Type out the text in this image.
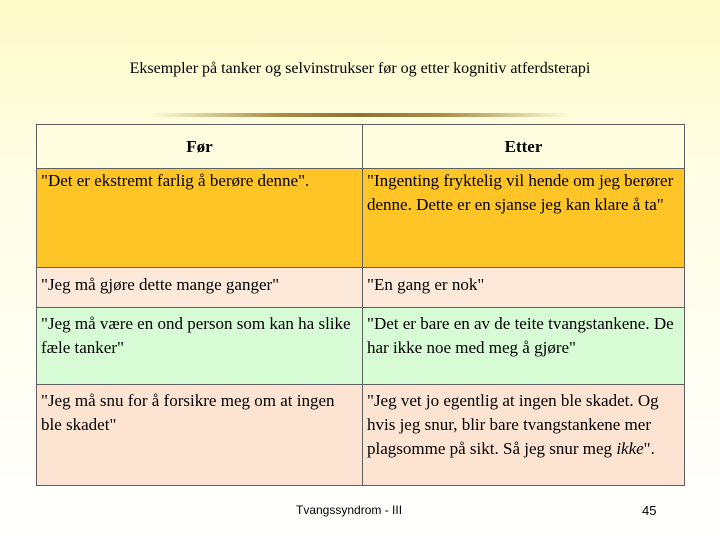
Eksempler på tanker og selvinstrukser før og etter kognitiv atferdsterapi
Før	Etter
"Det er ekstremt farlig å berøre denne".	"Ingenting fryktelig vil hende om jeg berører denne. Dette er en sjanse jeg kan klare å ta"
"Jeg må gjøre dette mange ganger"	"En gang er nok"
"Jeg må være en ond person som kan ha slike fæle tanker"	"Det er bare en av de teite tvangstankene. De har ikke noe med meg å gjøre"
"Jeg må snu for å forsikre meg om at ingen ble skadet"	"Jeg vet jo egentlig at ingen ble skadet. Og hvis jeg snur, blir bare tvangstankene mer plagsomme på sikt. Så jeg snur meg ikke".
Tvangssyndrom - III	45
